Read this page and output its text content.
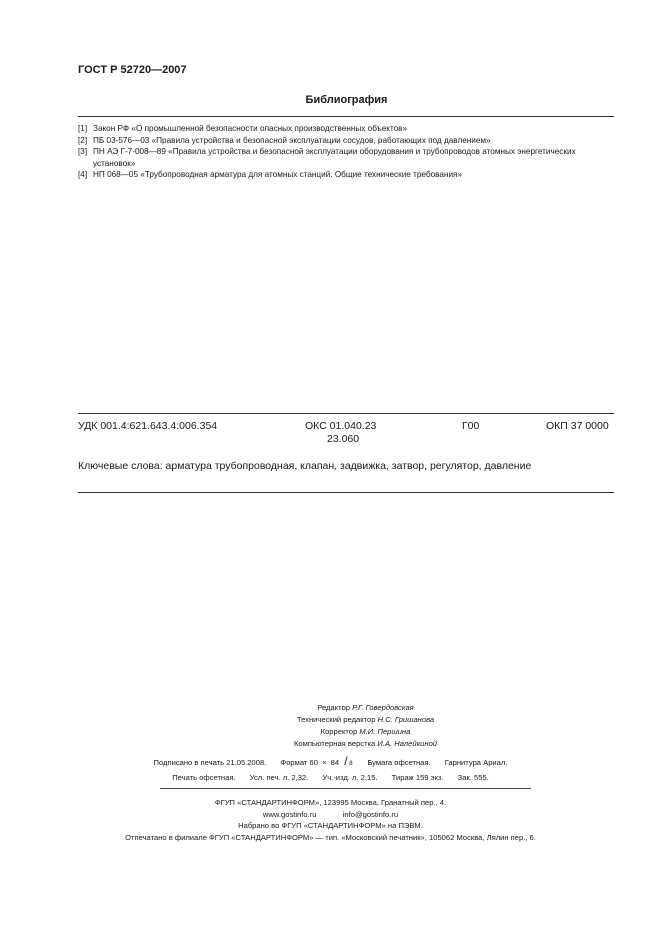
ГОСТ Р 52720—2007
Библиография
[1] Закон РФ «О промышленной безопасности опасных производственных объектов»
[2] ПБ 03-576—03 «Правила устройства и безопасной эксплуатации сосудов, работающих под давлением»
[3] ПН АЭ Г-7-008—89 «Правила устройства и безопасной эксплуатации оборудования и трубопроводов атомных энергетических установок»
[4] НП 068—05 «Трубопроводная арматура для атомных станций. Общие технические требования»
УДК 001.4:621.643.4:006.354	ОКС 01.040.23
23.060
Г00	ОКП 37 0000
Ключевые слова: арматура трубопроводная, клапан, задвижка, затвор, регулятор, давление
Редактор Р.Г. Говердовская
Технический редактор Н.С. Гришанова
Корректор М.И. Першина
Компьютерная верстка И.А. Налейкиной
Подписано в печать 21.05.2008. Формат 60 × 84 / 8 Бумага офсетная. Гарнитура Ариал.
Печать офсетная. Усл. печ. л. 2,32. Уч.-изд. л. 2,15. Тираж 159 экз. Зак. 555.
ФГУП «СТАНДАРТИНФОРМ», 123995 Москва, Гранатный пер., 4.
www.gostinfo.ru	info@gostinfo.ru
Набрано во ФГУП «СТАНДАРТИНФОРМ» на ПЭВМ.
Отпечатано в филиале ФГУП «СТАНДАРТИНФОРМ» — тип. «Московский печатник», 105062 Москва, Лялин пер., 6.
